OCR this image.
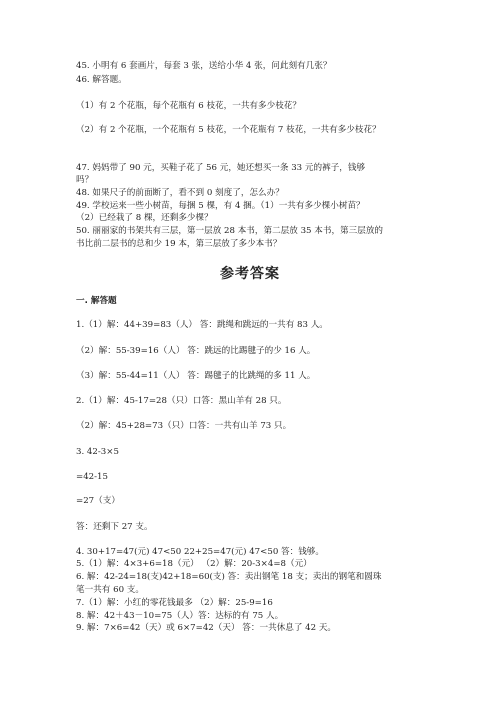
45. 小明有 6 套画片，每套 3 张，送给小华 4 张，问此刻有几张？
46. 解答题。
（1）有 2 个花瓶，每个花瓶有 6 枝花，一共有多少枝花？
（2）有 2 个花瓶，一个花瓶有 5 枝花，一个花瓶有 7 枝花，一共有多少枝花？
47. 妈妈带了 90 元，买鞋子花了 56 元，她还想买一条 33 元的裤子，钱够
吗？
48. 如果尺子的前面断了，看不到 0 刻度了，怎么办？
49. 学校运来一些小树苗，每捆 5 棵，有 4 捆。（1）一共有多少棵小树苗？
（2）已经栽了 8 棵，还剩多少棵？
50. 丽丽家的书架共有三层，第一层放 28 本书，第二层放 35 本书，第三层放的
书比前二层书的总和少 19 本，第三层放了多少本书？
参考答案
一. 解答题
1.（1）解：44+39=83（人） 答：跳绳和跳远的一共有 83 人。
（2）解：55-39=16（人） 答：跳远的比踢毽子的少 16 人。
（3）解：55-44=11（人） 答：踢毽子的比跳绳的多 11 人。
2.（1）解：45-17=28（只）口答：黑山羊有 28 只。
（2）解：45+28=73（只）口答：一共有山羊 73 只。
3. 42-3×5
=42-15
=27（支）
答：还剩下 27 支。
4. 30+17=47(元) 47<50 22+25=47(元) 47<50 答：钱够。
5.（1）解：4×3+6=18（元） （2）解：20-3×4=8（元）
6. 解：42-24=18(支)42+18=60(支) 答：卖出钢笔 18 支；卖出的钢笔和圆珠
笔一共有 60 支。
7.（1）解：小红的零花钱最多 （2）解：25-9=16
8. 解：42＋43－10=75（人）答：达标的有 75 人。
9. 解：7×6=42（天）或 6×7=42（天） 答：一共休息了 42 天。
